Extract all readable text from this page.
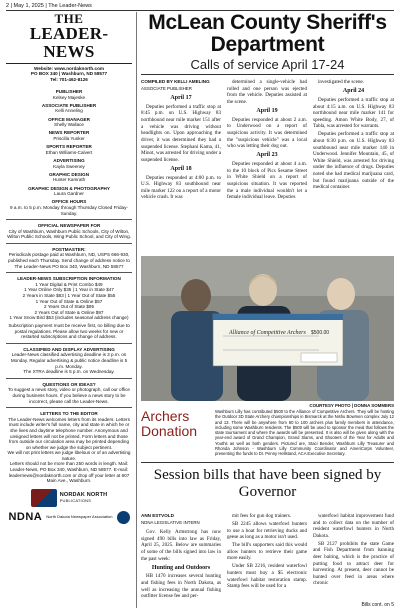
2 | May 1, 2025 | The Leader-News
THE
LEADER-NEWS
Website: www.nordaknorth.com
PO BOX 340 | Washburn, ND 58577
Tel: 701-462-8126
PUBLISHER
Kelsey Majeske
ASSOCIATE PUBLISHER
Kelli Anneling
OFFICE MANAGER
Shelly Wallace
NEWS REPORTER
Priscilla Yunker
SPORTS REPORTER
Ethan Williams-Calvert
ADVERTISING
Kayla Sweeney
GRAPHIC DESIGN
Hunter Kamrath
GRAPHIC DESIGN & PHOTOGRAPHY
Laura Gardner
OFFICE HOURS
9 a.m. to 5 p.m. Monday through Thursday Closed Friday-Sunday.
OFFICIAL NEWSPAPER FOR
City of Washburn, Washburn Public Schools, City of Wilton, Wilton Public Schools, Wing Public School, and City of Wing.
POSTMASTER:
Periodicals postage paid at Washburn, ND, USPS 666-930, published each Thursday. Send change of address notice to The Leader-News PO Box 340, Washburn, ND 58577
LEADER-NEWS SUBSCRIPTION INFORMATION
1 Year Digital & Print Combo $49
1 Year Online Only $35 | 1 Year in State $47
2 Years in State $83 | 1 Year Out of State $55
1 Year Out of State & Online $57
2 Years Out of State $95
2 Years Out of State & Online $97
1 Year Snow Bird $53 (includes seasonal address change)
Subscription payment must be receive first, no billing due to postal regulations. Please allow two weeks for new or restarted subscriptions and change of address.
CLASSIFIED AND DISPLAY ADVERTISING
Leader-News classified advertising deadline is 3 p.m. on Monday. Regular advertising & public notice deadline is 5 p.m. Monday.
The XTRA deadline is 5 p.m. on Wednesday.
QUESTIONS OR IDEAS?
To suggest a news story, video or photograph, call our office during business hours. If you believe a news story to be incorrect, please call the Leader-News.
LETTERS TO THE EDITOR
The Leader-News welcomes letters from its readers. Letters must include writer's full name, city and state in which he or she lives and daytime telephone number. Anonymous and unsigned letters will not be printed. Form letters and those from outside our circulation area may be printed depending on whether we judge the subject pertinent.
We will not print letters we judge libelous or of an advertising nature.
Letters should not be more than 250 words in length. Mail: Leader-News, PO Box 340, Washburn, ND 58577. E-mail: leadernews@nordaknorth.com or drop off your letter at 607 Main Ave., Washburn.
NORDAK NORTH
PUBLICATIONS
NDNA North Dakota Newspaper Association
McLean County Sheriff's Department
Calls of service April 17-24

COMPILED BY KELLI AMELING

ASSOCIATE PUBLISHER

April 17

Deputies performed a traffic stop at 8:45 p.m. on U.S. Highway 83 northbound near mile marker 151 after a vehicle was driving without headlights on. Upon approaching the driver, it was determined they had a suspended license. Stephani Kama, 41, Minot, was arrested for driving under a suspended license.

April 18

Deputies responded at 4:00 p.m. to U.S. Highway 83 southbound near mile marker 122 on a report of a motor vehicle crash. It was

determined a single-vehicle had rolled and one person was ejected from the vehicle. Deputies assisted at the scene.

April 19

Deputies responded at about 2 a.m. to Underwood on a report of suspicious activity. It was determined the "suspicious vehicle" was a local who was letting their dog out.

April 23

Deputies responded at about 4 a.m. to the 10 block of Pics Sesame Street in White Shield on a report of suspicious situation. It was reported the a male individual wouldn't let a female individual leave. Deputies

investigated the scene.

April 24

Deputies performed a traffic stop at about 4:15 a.m. on U.S. Highway 83 northbound near mile marker 141 for speeding. Amon White Body, 27, of Tabla, was arrested for warrants.

Deputies performed a traffic stop at about 6:30 p.m. on U.S. Highway 83 southbound near mile marker 140 in Underwood. Jennifer Mountain, 45, of White Shield, was arrested for driving under the influence of drugs. Deputies noted she had medical marijuana card, but found marijuana outside of the medical container.

Alliance of Competitive Archers $500.00
COURTESY PHOTO | DONNA SOMMERS
Archers Donation
Washburn Lilly has contributed $500 to the Alliance of Competitive Archers. They will be hosting the Outdoor 3D State Archery championships in Bismarck at the Nishu Bowmen complex July 12 and 13. There will be anywhere from 80 to 100 archers plus family members in attendance, including some Washburn residents. The $500 will be used to sponsor the meal that follows the state tournament and where the awards will be presented. It is also will be given along with the year-end award of Grand Champion, Grand Slams, and Shooters of the Year for Adults and Youths as well as both genders. Pictured are, Staci Bender, Washburn Lilly Treasurer and Rhonda Johnson - Washburn Lilly Community Coordinator and AmeriCorps Volunteer, presenting the funds to Dr. Penny Hellstand, ACA Executive Secretary.
Session bills that have been signed by Governor

ANN ESTVOLD

NDNA LEGISLATIVE INTERN

Gov. Kelly Armstrong has now signed 490 bills into law as Friday, April 25, 2025. Below are summaries of some of the bills signed into law in the past week:

Hunting and Outdoors

HB 1470 increases several hunting and fishing fees in North Dakota, as well as increasing the annual fishing outfitter license fee and per-

mit fees for gun dog trainers.

SB 2245 allows waterfowl hunters to use a boat for retrieving ducks and geese as long as a motor isn't used.

The bill's supporters said this would allow hunters to retrieve their game more easily.

Under SB 2216, resident waterfowl hunters must buy a $5 electronic waterfowl habitat restoration stamp. Stamp fees will be used for a

waterfowl habitat improvement fund and to collect data on the number of resident waterfowl hunters in North Dakota.

SB 2127 prohibits the state Game and Fish Department from banning deer baiting, which is the practice of putting food to attract deer for harvesting. At present, deer cannot be hunted over feed in areas where chronic

Bills cont. on 5
